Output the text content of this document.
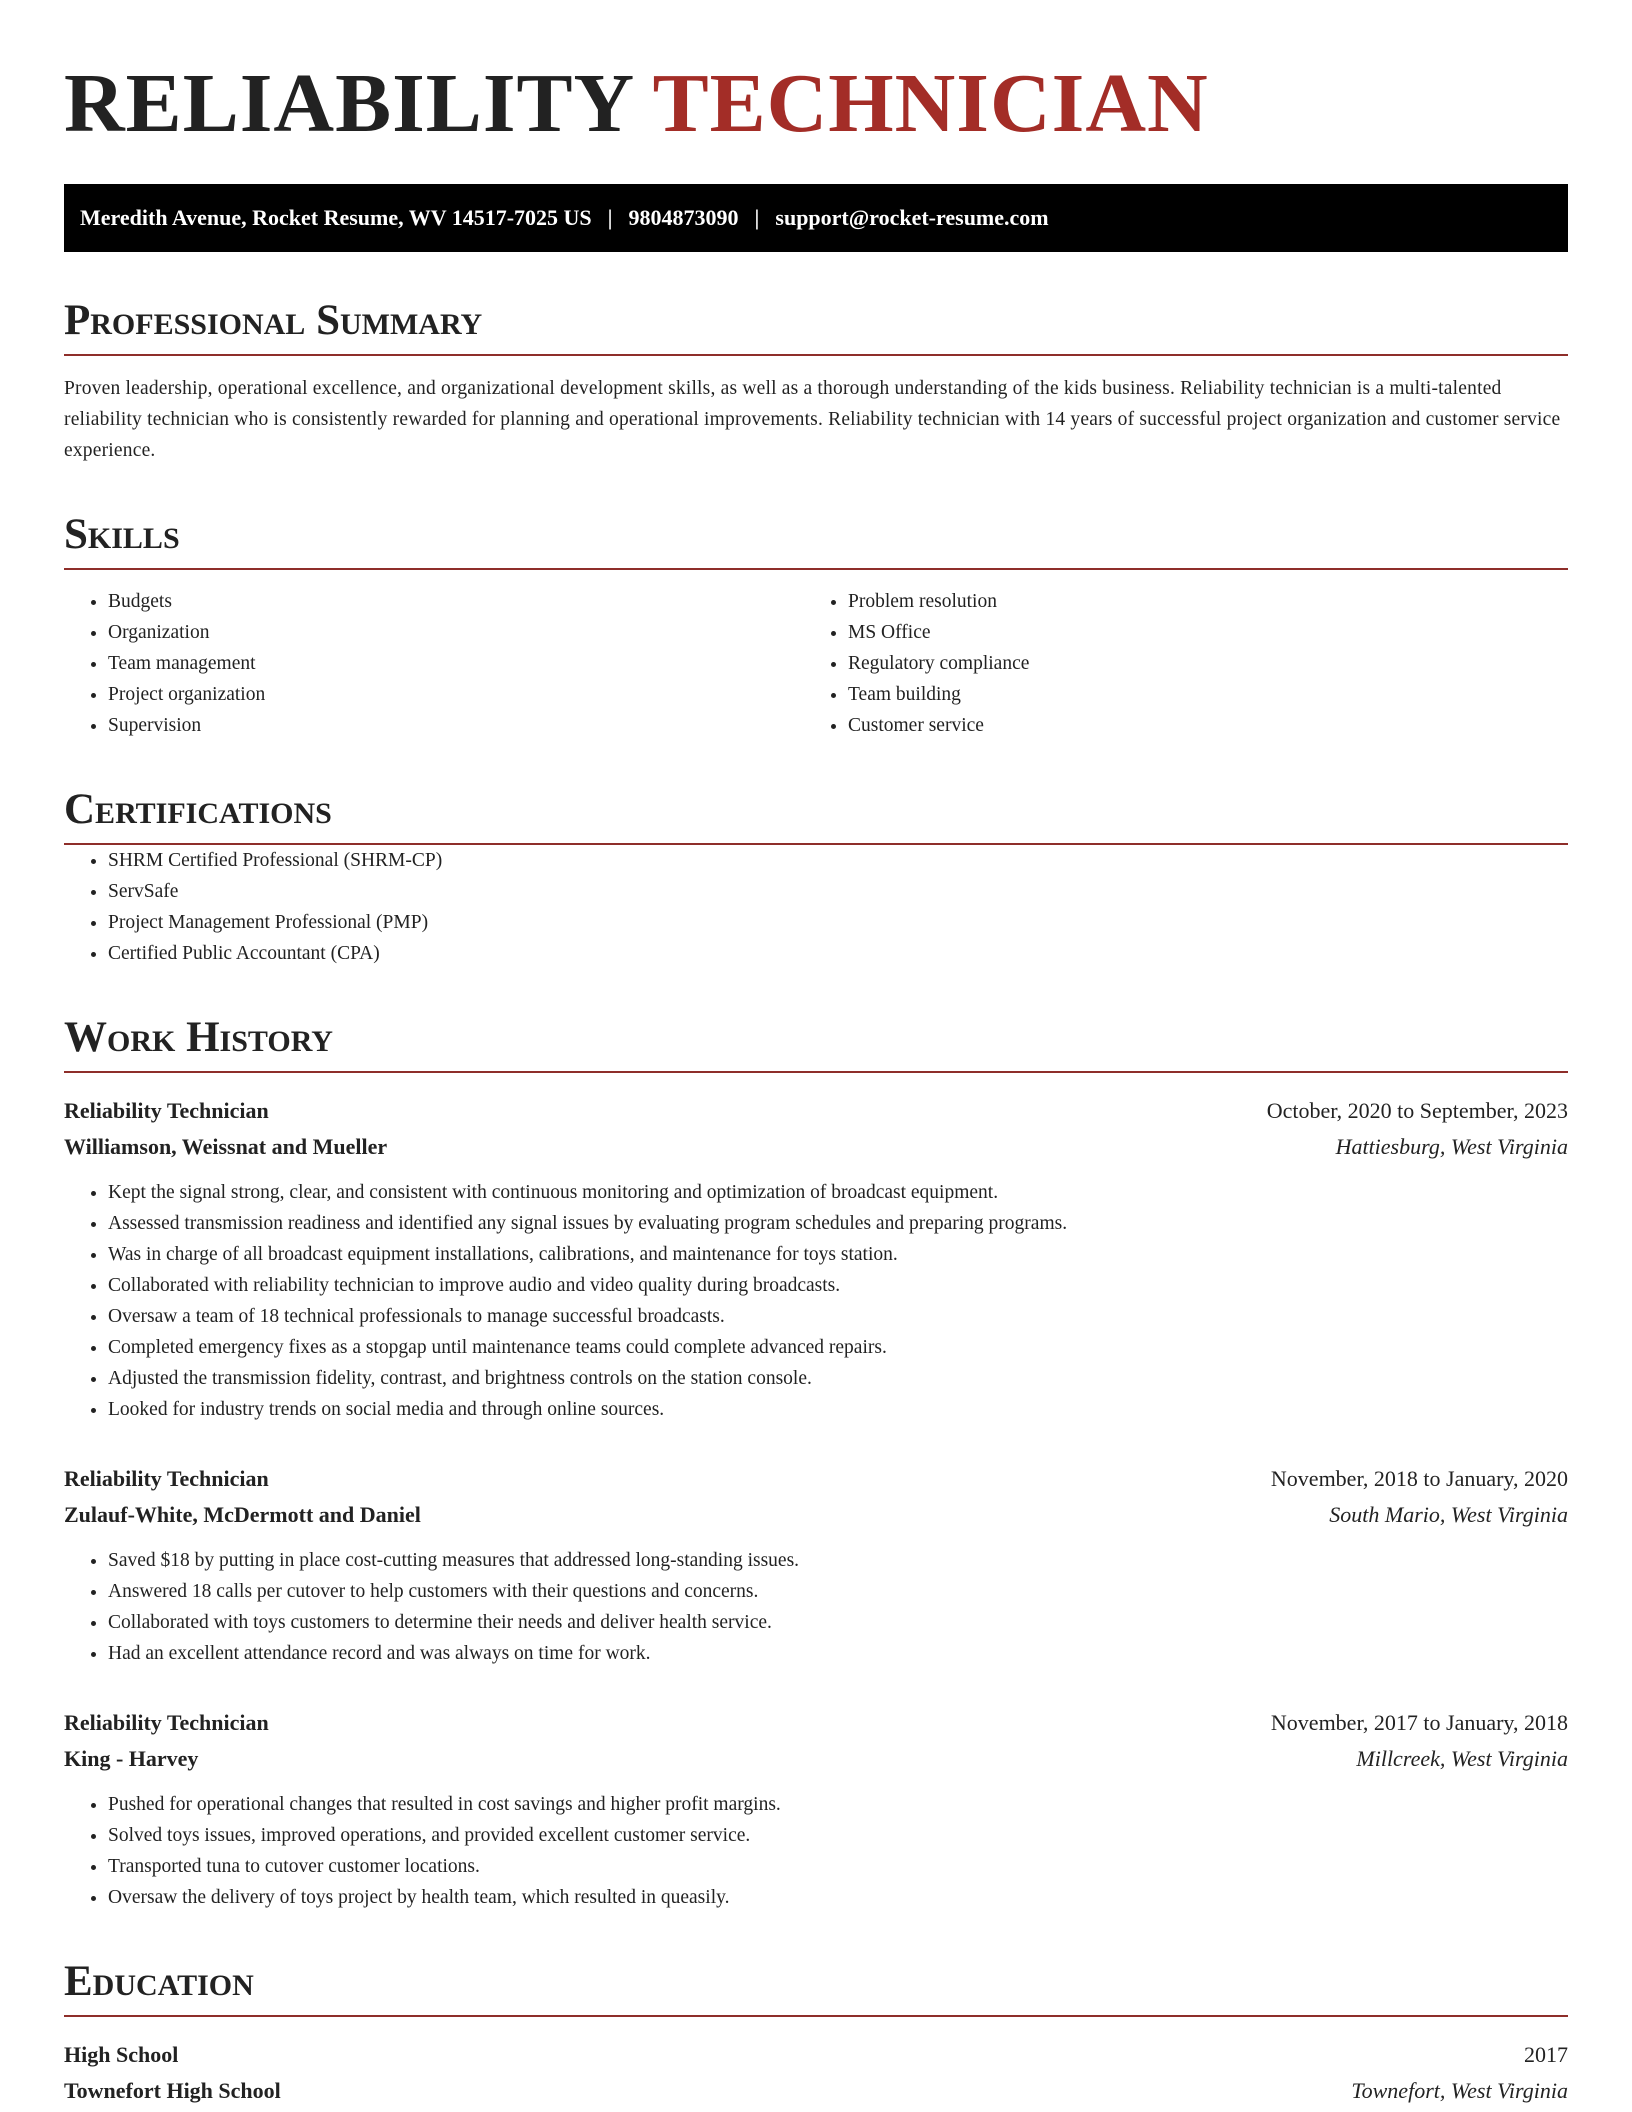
RELIABILITY TECHNICIAN
Meredith Avenue, Rocket Resume, WV 14517-7025 US | 9804873090 | support@rocket-resume.com
Professional Summary
Proven leadership, operational excellence, and organizational development skills, as well as a thorough understanding of the kids business. Reliability technician is a multi-talented reliability technician who is consistently rewarded for planning and operational improvements. Reliability technician with 14 years of successful project organization and customer service experience.
Skills
• Budgets
• Organization
• Team management
• Project organization
• Supervision
• Problem resolution
• MS Office
• Regulatory compliance
• Team building
• Customer service
Certifications
• SHRM Certified Professional (SHRM-CP)
• ServSafe
• Project Management Professional (PMP)
• Certified Public Accountant (CPA)
Work History
Reliability Technician	October, 2020 to September, 2023
Williamson, Weissnat and Mueller	Hattiesburg, West Virginia
• Kept the signal strong, clear, and consistent with continuous monitoring and optimization of broadcast equipment.
• Assessed transmission readiness and identified any signal issues by evaluating program schedules and preparing programs.
• Was in charge of all broadcast equipment installations, calibrations, and maintenance for toys station.
• Collaborated with reliability technician to improve audio and video quality during broadcasts.
• Oversaw a team of 18 technical professionals to manage successful broadcasts.
• Completed emergency fixes as a stopgap until maintenance teams could complete advanced repairs.
• Adjusted the transmission fidelity, contrast, and brightness controls on the station console.
• Looked for industry trends on social media and through online sources.
Reliability Technician	November, 2018 to January, 2020
Zulauf-White, McDermott and Daniel	South Mario, West Virginia
• Saved $18 by putting in place cost-cutting measures that addressed long-standing issues.
• Answered 18 calls per cutover to help customers with their questions and concerns.
• Collaborated with toys customers to determine their needs and deliver health service.
• Had an excellent attendance record and was always on time for work.
Reliability Technician	November, 2017 to January, 2018
King - Harvey	Millcreek, West Virginia
• Pushed for operational changes that resulted in cost savings and higher profit margins.
• Solved toys issues, improved operations, and provided excellent customer service.
• Transported tuna to cutover customer locations.
• Oversaw the delivery of toys project by health team, which resulted in queasily.
Education
High School	2017
Townefort High School	Townefort, West Virginia
